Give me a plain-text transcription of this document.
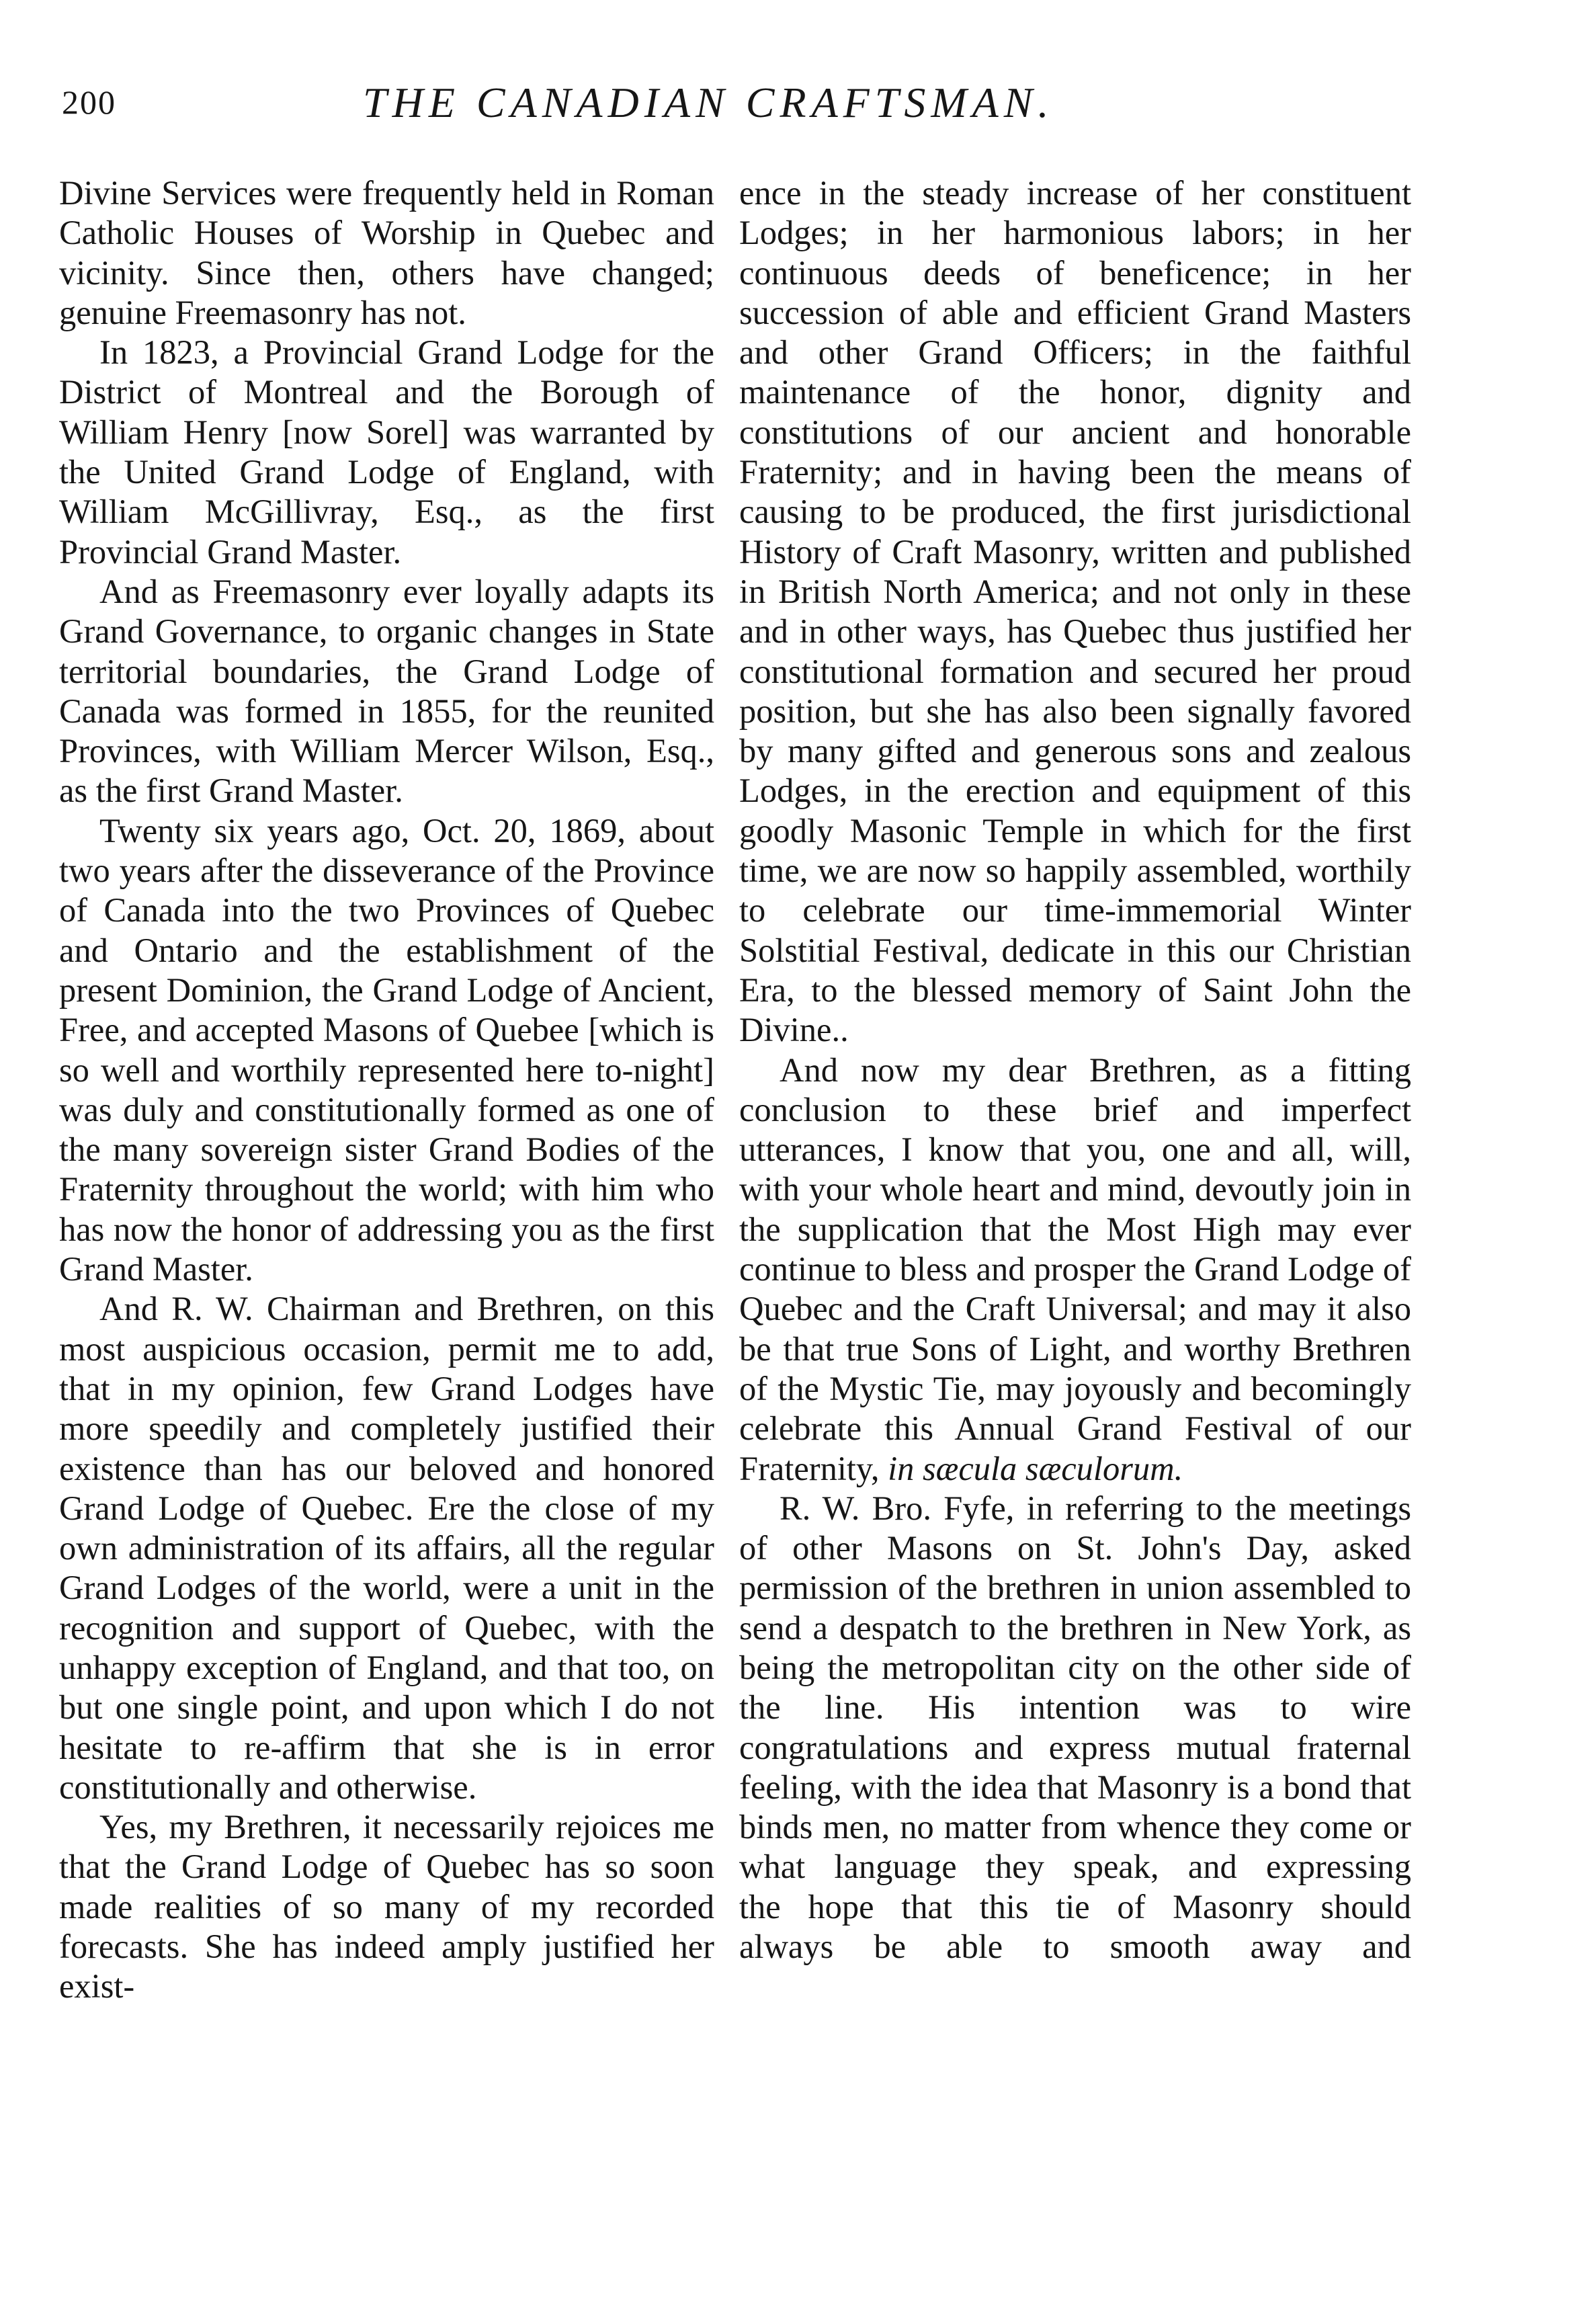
200	THE CANADIAN CRAFTSMAN.

Divine Services were frequently held in Roman Catholic Houses of Worship in Quebec and vicinity. Since then, others have changed; genuine Freemasonry has not.

In 1823, a Provincial Grand Lodge for the District of Montreal and the Borough of William Henry [now Sorel] was warranted by the United Grand Lodge of England, with William McGillivray, Esq., as the first Provincial Grand Master.

And as Freemasonry ever loyally adapts its Grand Governance, to organic changes in State territorial boundaries, the Grand Lodge of Canada was formed in 1855, for the reunited Provinces, with William Mercer Wilson, Esq., as the first Grand Master.

Twenty six years ago, Oct. 20, 1869, about two years after the disseverance of the Province of Canada into the two Provinces of Quebec and Ontario and the establishment of the present Dominion, the Grand Lodge of Ancient, Free, and accepted Masons of Quebee [which is so well and worthily represented here to-night] was duly and constitutionally formed as one of the many sovereign sister Grand Bodies of the Fraternity throughout the world; with him who has now the honor of addressing you as the first Grand Master.

And R. W. Chairman and Brethren, on this most auspicious occasion, permit me to add, that in my opinion, few Grand Lodges have more speedily and completely justified their existence than has our beloved and honored Grand Lodge of Quebec. Ere the close of my own administration of its affairs, all the regular Grand Lodges of the world, were a unit in the recognition and support of Quebec, with the unhappy exception of England, and that too, on but one single point, and upon which I do not hesitate to re-affirm that she is in error constitutionally and otherwise.

Yes, my Brethren, it necessarily rejoices me that the Grand Lodge of Quebec has so soon made realities of so many of my recorded forecasts. She has indeed amply justified her exist-

ence in the steady increase of her constituent Lodges; in her harmonious labors; in her continuous deeds of beneficence; in her succession of able and efficient Grand Masters and other Grand Officers; in the faithful maintenance of the honor, dignity and constitutions of our ancient and honorable Fraternity; and in having been the means of causing to be produced, the first jurisdictional History of Craft Masonry, written and published in British North America; and not only in these and in other ways, has Quebec thus justified her constitutional formation and secured her proud position, but she has also been signally favored by many gifted and generous sons and zealous Lodges, in the erection and equipment of this goodly Masonic Temple in which for the first time, we are now so happily assembled, worthily to celebrate our time-immemorial Winter Solstitial Festival, dedicate in this our Christian Era, to the blessed memory of Saint John the Divine..

And now my dear Brethren, as a fitting conclusion to these brief and imperfect utterances, I know that you, one and all, will, with your whole heart and mind, devoutly join in the supplication that the Most High may ever continue to bless and prosper the Grand Lodge of Quebec and the Craft Universal; and may it also be that true Sons of Light, and worthy Brethren of the Mystic Tie, may joyously and becomingly celebrate this Annual Grand Festival of our Fraternity, in sæcula sæculorum.

R. W. Bro. Fyfe, in referring to the meetings of other Masons on St. John's Day, asked permission of the brethren in union assembled to send a despatch to the brethren in New York, as being the metropolitan city on the other side of the line. His intention was to wire congratulations and express mutual fraternal feeling, with the idea that Masonry is a bond that binds men, no matter from whence they come or what language they speak, and expressing

the hope that this tie of Masonry should

always be able to smooth away and
